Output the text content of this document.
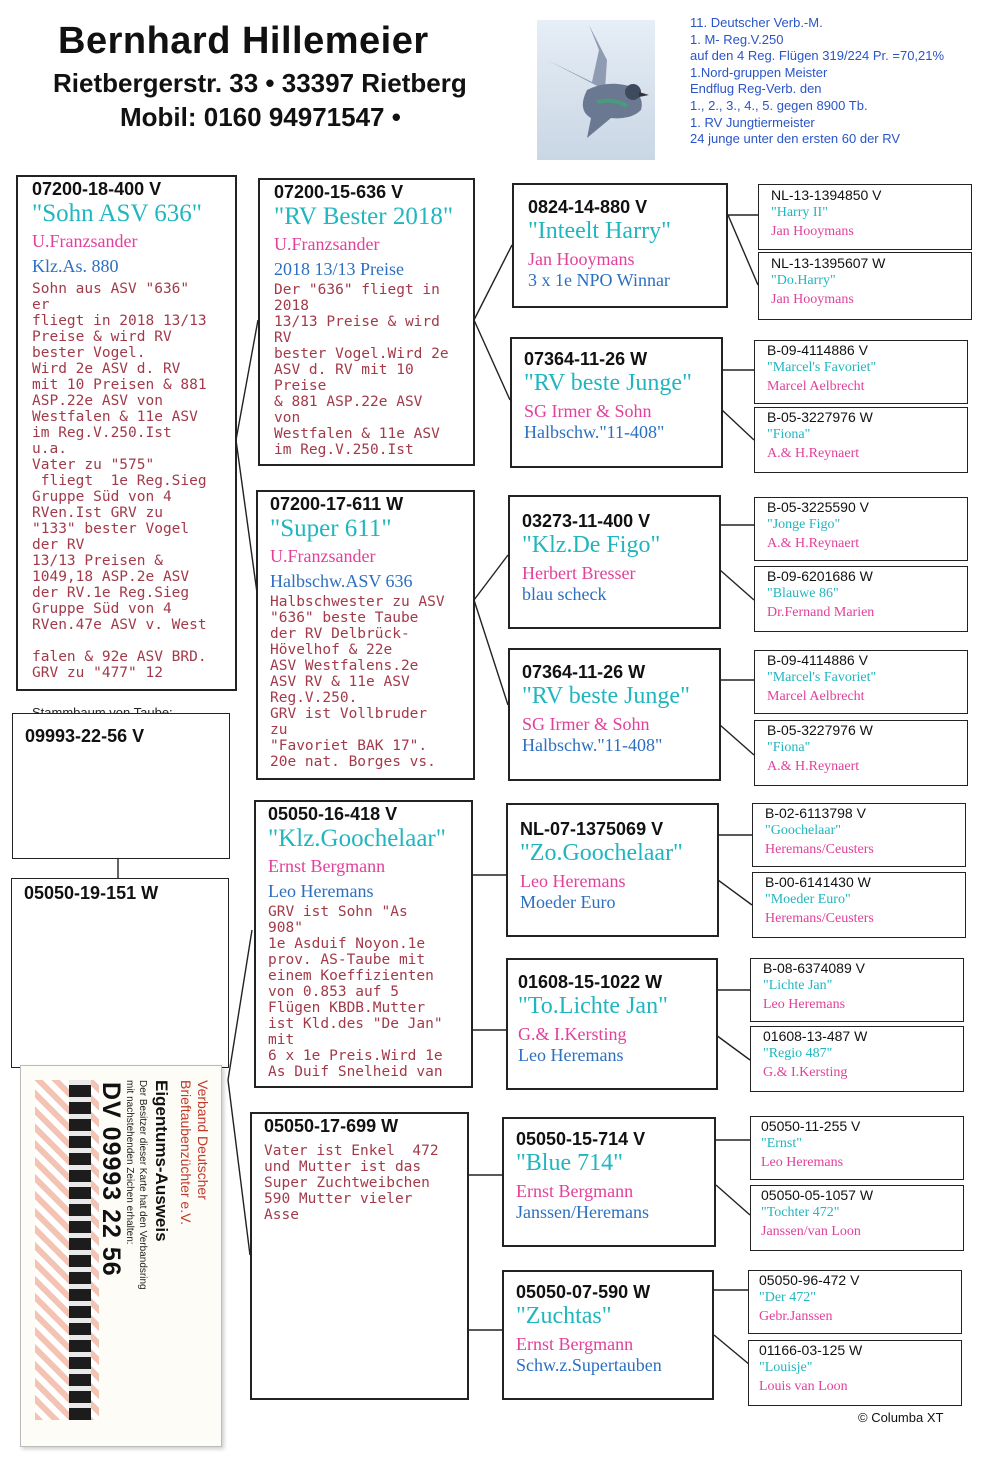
Bernhard Hillemeier
Rietbergerstr. 33 • 33397 Rietberg
Mobil: 0160 94971547 •
11. Deutscher Verb.-M.
1. M- Reg.V.250
auf den 4 Reg. Flügen 319/224 Pr. =70,21%
1.Nord-gruppen Meister
Endflug Reg-Verb. den
1., 2., 3., 4., 5. gegen 8900 Tb.
1. RV Jungtiermeister
24 junge unter den ersten 60 der RV
07200-18-400 V
"Sohn ASV 636"
U.Franzsander
Klz.As. 880
Sohn aus ASV "636"
er
fliegt in 2018 13/13
Preise & wird RV
bester Vogel.
Wird 2e ASV d. RV
mit 10 Preisen & 881
ASP.22e ASV von
Westfalen & 11e ASV
im Reg.V.250.Ist
u.a.
Vater zu "575"
fliegt  1e Reg.Sieg
Gruppe Süd von 4
RVen.Ist GRV zu
"133" bester Vogel
der RV
13/13 Preisen &
1049,18 ASP.2e ASV
der RV.1e Reg.Sieg
Gruppe Süd von 4
RVen.47e ASV v. West

falen & 92e ASV BRD.
GRV zu "477" 12
09993-22-56 V
05050-19-151 W
07200-15-636 V
"RV Bester 2018"
U.Franzsander
2018 13/13 Preise
Der "636" fliegt in
2018
13/13 Preise & wird
RV
bester Vogel.Wird 2e
ASV d. RV mit 10
Preise
& 881 ASP.22e ASV
von
Westfalen & 11e ASV
im Reg.V.250.Ist
07200-17-611 W
"Super 611"
U.Franzsander
Halbschw.ASV 636
Halbschwester zu ASV
"636" beste Taube
der RV Delbrück-
Hövelhof & 22e
ASV Westfalens.2e
ASV RV & 11e ASV
Reg.V.250.
GRV ist Vollbruder
zu
"Favoriet BAK 17".
20e nat. Borges vs.
05050-16-418 V
"Klz.Goochelaar"
Ernst Bergmann
Leo Heremans
GRV ist Sohn "As
908"
1e Asduif Noyon.1e
prov. AS-Taube mit
einem Koeffizienten
von 0.853 auf 5
Flügen KBDB.Mutter
ist Kld.des "De Jan"
mit
6 x 1e Preis.Wird 1e
As Duif Snelheid van
05050-17-699 W
Vater ist Enkel  472
und Mutter ist das
Super Zuchtweibchen
590 Mutter vieler
Asse
0824-14-880 V
"Inteelt Harry"
Jan Hooymans
3 x 1e NPO Winnar
07364-11-26 W
"RV beste Junge"
SG Irmer & Sohn
Halbschw."11-408"
03273-11-400 V
"Klz.De Figo"
Herbert Bresser
blau scheck
07364-11-26 W
"RV beste Junge"
SG Irmer & Sohn
Halbschw."11-408"
NL-07-1375069 V
"Zo.Goochelaar"
Leo Heremans
Moeder Euro
01608-15-1022 W
"To.Lichte Jan"
G.& I.Kersting
Leo Heremans
05050-15-714 V
"Blue 714"
Ernst Bergmann
Janssen/Heremans
05050-07-590 W
"Zuchtas"
Ernst Bergmann
Schw.z.Supertauben
NL-13-1394850 V
"Harry II"
Jan Hooymans
NL-13-1395607 W
"Do.Harry"
Jan Hooymans
B-09-4114886 V
"Marcel's Favoriet"
Marcel Aelbrecht
B-05-3227976 W
"Fiona"
A.& H.Reynaert
B-05-3225590 V
"Jonge Figo"
A.& H.Reynaert
B-09-6201686 W
"Blauwe 86"
Dr.Fernand Marien
B-09-4114886 V
"Marcel's Favoriet"
Marcel Aelbrecht
B-05-3227976 W
"Fiona"
A.& H.Reynaert
B-02-6113798 V
"Goochelaar"
Heremans/Ceusters
B-00-6141430 W
"Moeder Euro"
Heremans/Ceusters
B-08-6374089 V
"Lichte Jan"
Leo Heremans
01608-13-487 W
"Regio 487"
G.& I.Kersting
05050-11-255 V
"Ernst"
Leo Heremans
05050-05-1057 W
"Tochter 472"
Janssen/van Loon
05050-96-472 V
"Der 472"
Gebr.Janssen
01166-03-125 W
"Louisje"
Louis van Loon
Verband Deutscher
Brieftaubenzüchter e.V.
Eigentums-Ausweis
Der Besitzer dieser Karte hat den Verbandsring
mit nachstehenden Zeichen erhalten:
DV 09993 22 56
© Columba XT
